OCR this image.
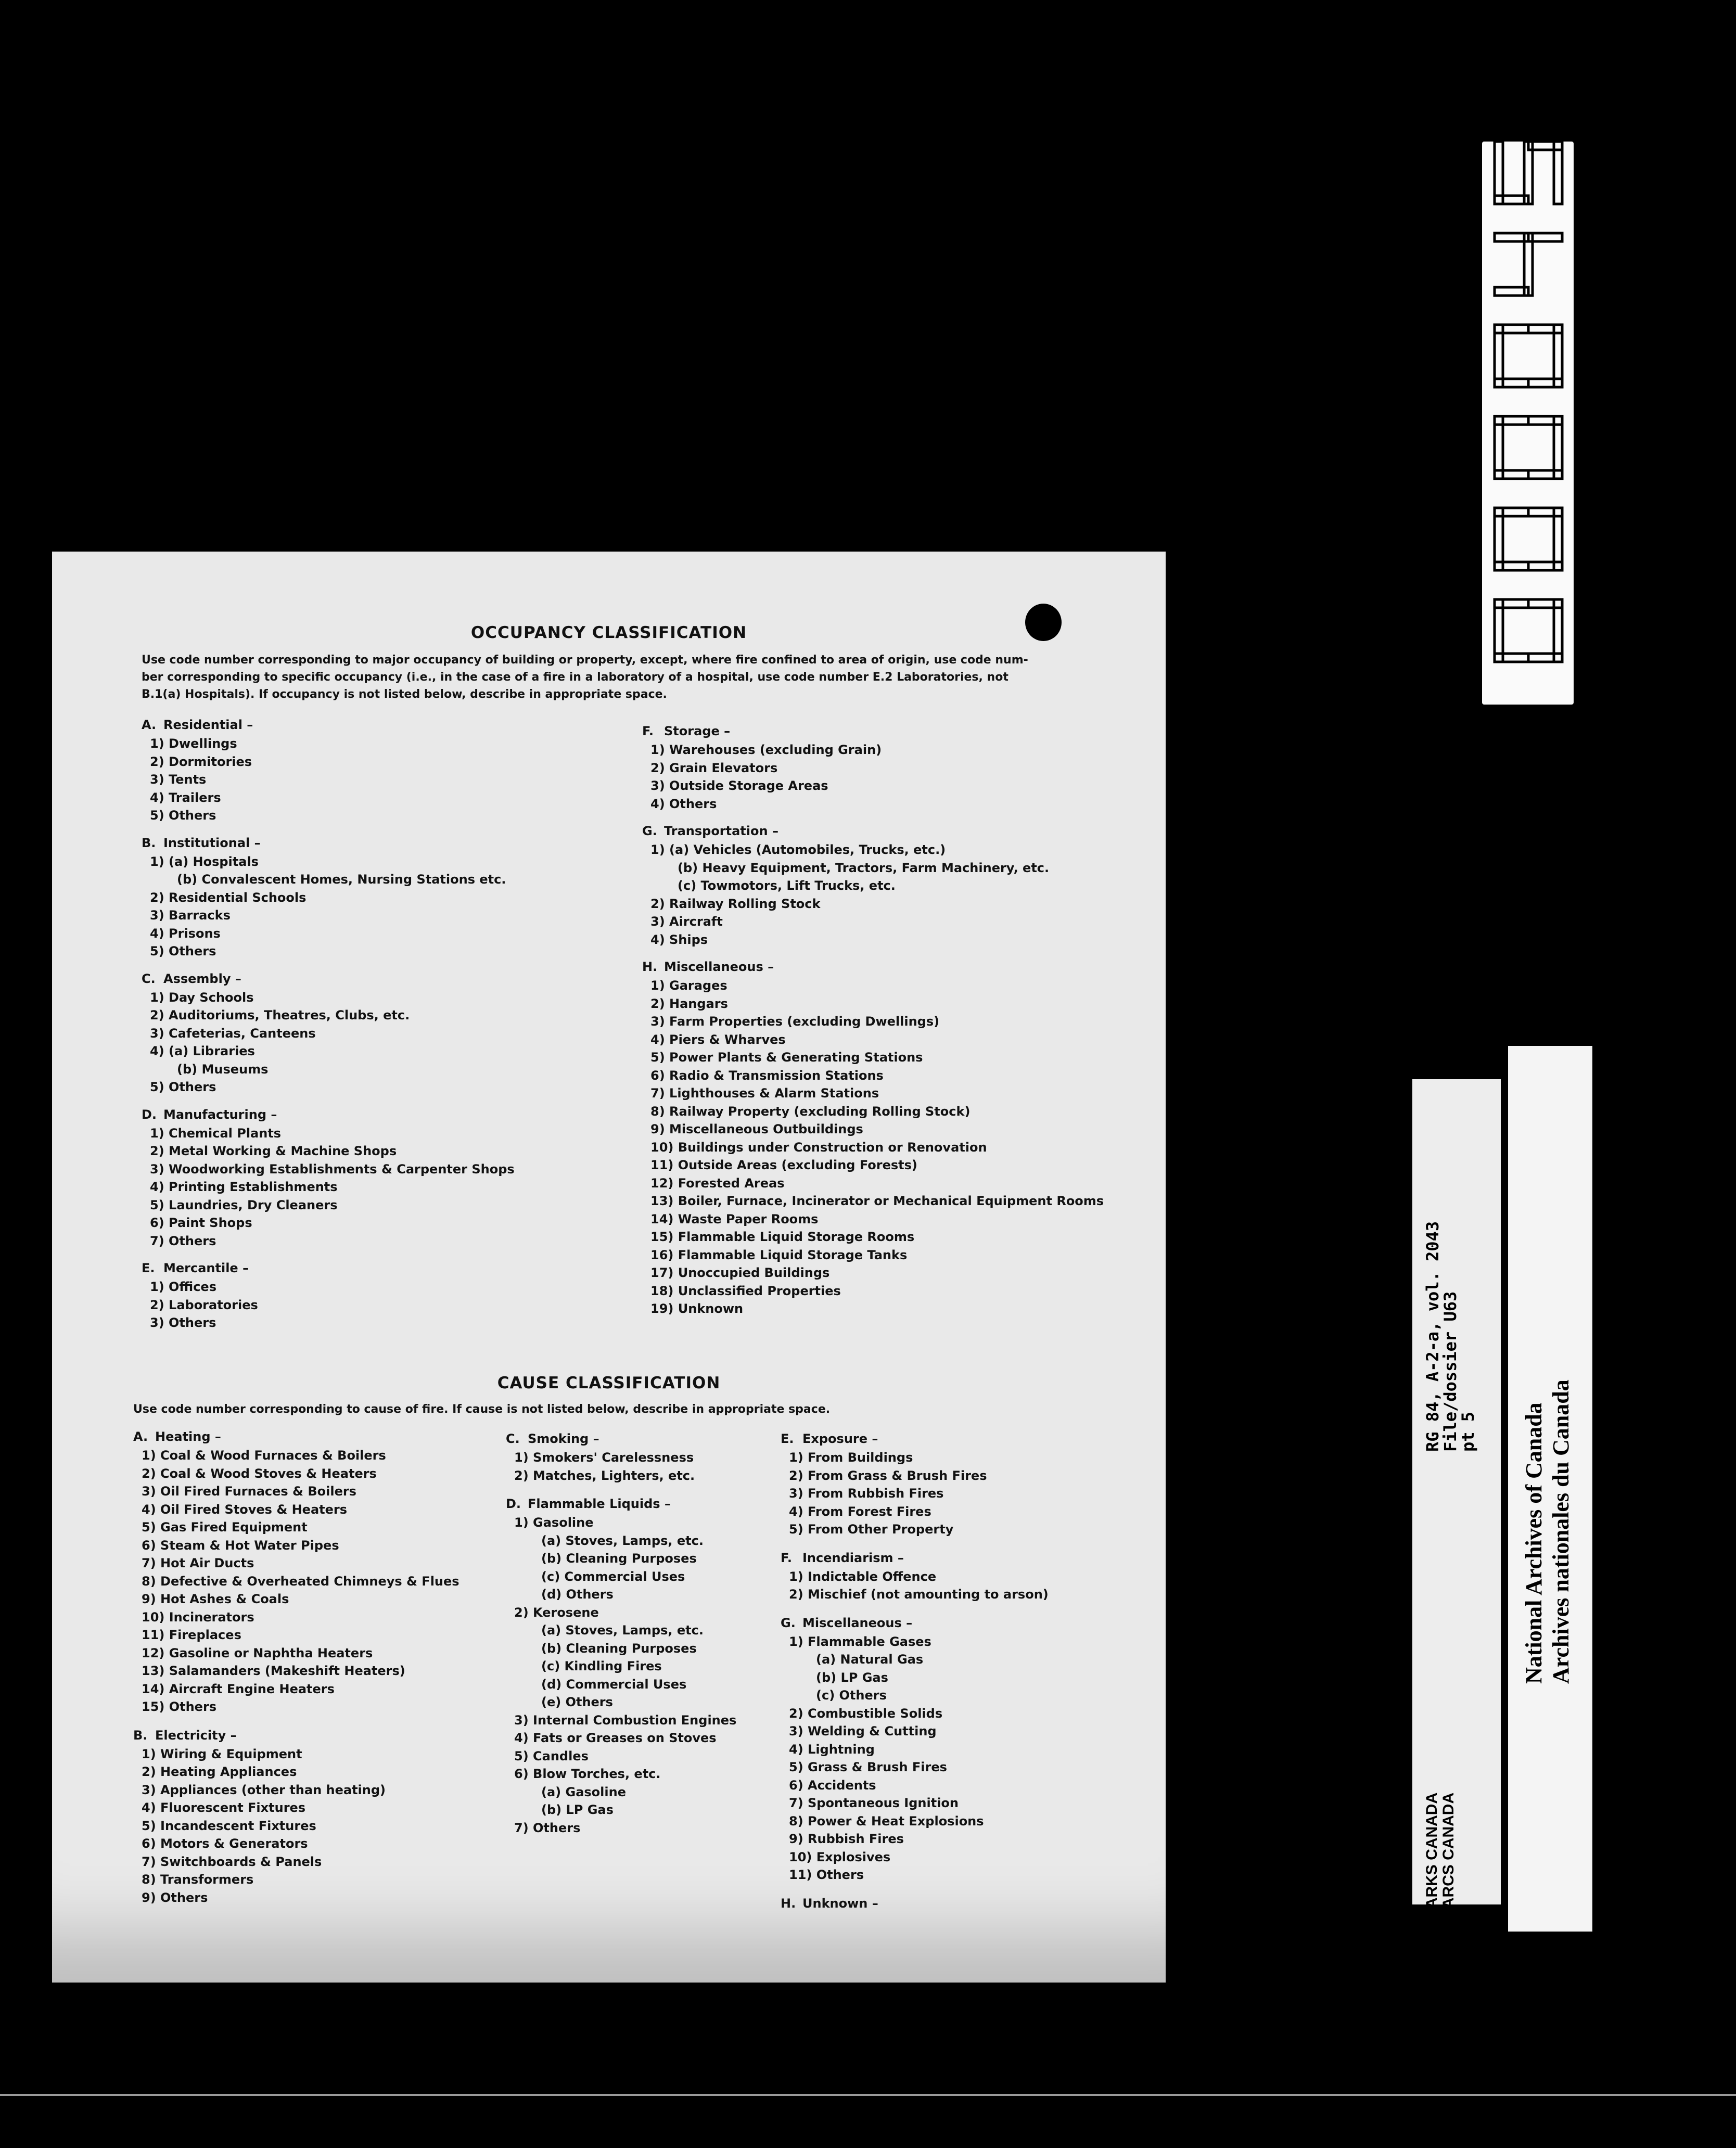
OCCUPANCY CLASSIFICATION
Use code number corresponding to major occupancy of building or property, except, where fire confined to area of origin, use code num-
ber corresponding to specific occupancy (i.e., in the case of a fire in a laboratory of a hospital, use code number E.2 Laboratories, not
B.1(a) Hospitals). If occupancy is not listed below, describe in appropriate space.
A. Residential –
1) Dwellings
2) Dormitories
3) Tents
4) Trailers
5) Others
B. Institutional –
1) (a) Hospitals
(b) Convalescent Homes, Nursing Stations etc.
2) Residential Schools
3) Barracks
4) Prisons
5) Others
C. Assembly –
1) Day Schools
2) Auditoriums, Theatres, Clubs, etc.
3) Cafeterias, Canteens
4) (a) Libraries
(b) Museums
5) Others
D. Manufacturing –
1) Chemical Plants
2) Metal Working & Machine Shops
3) Woodworking Establishments & Carpenter Shops
4) Printing Establishments
5) Laundries, Dry Cleaners
6) Paint Shops
7) Others
E. Mercantile –
1) Offices
2) Laboratories
3) Others
F. Storage –
1) Warehouses (excluding Grain)
2) Grain Elevators
3) Outside Storage Areas
4) Others
G. Transportation –
1) (a) Vehicles (Automobiles, Trucks, etc.)
(b) Heavy Equipment, Tractors, Farm Machinery, etc.
(c) Towmotors, Lift Trucks, etc.
2) Railway Rolling Stock
3) Aircraft
4) Ships
H. Miscellaneous –
1) Garages
2) Hangars
3) Farm Properties (excluding Dwellings)
4) Piers & Wharves
5) Power Plants & Generating Stations
6) Radio & Transmission Stations
7) Lighthouses & Alarm Stations
8) Railway Property (excluding Rolling Stock)
9) Miscellaneous Outbuildings
10) Buildings under Construction or Renovation
11) Outside Areas (excluding Forests)
12) Forested Areas
13) Boiler, Furnace, Incinerator or Mechanical Equipment Rooms
14) Waste Paper Rooms
15) Flammable Liquid Storage Rooms
16) Flammable Liquid Storage Tanks
17) Unoccupied Buildings
18) Unclassified Properties
19) Unknown
CAUSE CLASSIFICATION
Use code number corresponding to cause of fire. If cause is not listed below, describe in appropriate space.
A. Heating –
1) Coal & Wood Furnaces & Boilers
2) Coal & Wood Stoves & Heaters
3) Oil Fired Furnaces & Boilers
4) Oil Fired Stoves & Heaters
5) Gas Fired Equipment
6) Steam & Hot Water Pipes
7) Hot Air Ducts
8) Defective & Overheated Chimneys & Flues
9) Hot Ashes & Coals
10) Incinerators
11) Fireplaces
12) Gasoline or Naphtha Heaters
13) Salamanders (Makeshift Heaters)
14) Aircraft Engine Heaters
15) Others
B. Electricity –
1) Wiring & Equipment
2) Heating Appliances
3) Appliances (other than heating)
4) Fluorescent Fixtures
5) Incandescent Fixtures
6) Motors & Generators
7) Switchboards & Panels
8) Transformers
9) Others
C. Smoking –
1) Smokers' Carelessness
2) Matches, Lighters, etc.
D. Flammable Liquids –
1) Gasoline
(a) Stoves, Lamps, etc.
(b) Cleaning Purposes
(c) Commercial Uses
(d) Others
2) Kerosene
(a) Stoves, Lamps, etc.
(b) Cleaning Purposes
(c) Kindling Fires
(d) Commercial Uses
(e) Others
3) Internal Combustion Engines
4) Fats or Greases on Stoves
5) Candles
6) Blow Torches, etc.
(a) Gasoline
(b) LP Gas
7) Others
E. Exposure –
1) From Buildings
2) From Grass & Brush Fires
3) From Rubbish Fires
4) From Forest Fires
5) From Other Property
F. Incendiarism –
1) Indictable Offence
2) Mischief (not amounting to arson)
G. Miscellaneous –
1) Flammable Gases
(a) Natural Gas
(b) LP Gas
(c) Others
2) Combustible Solids
3) Welding & Cutting
4) Lightning
5) Grass & Brush Fires
6) Accidents
7) Spontaneous Ignition
8) Power & Heat Explosions
9) Rubbish Fires
10) Explosives
11) Others
H. Unknown –	PARKS CANADA PARCS CANADA
RG 84, A-2-a, vol. 2043
File/dossier U63
pt 5 National Archives of Canada Archives nationales du Canada
